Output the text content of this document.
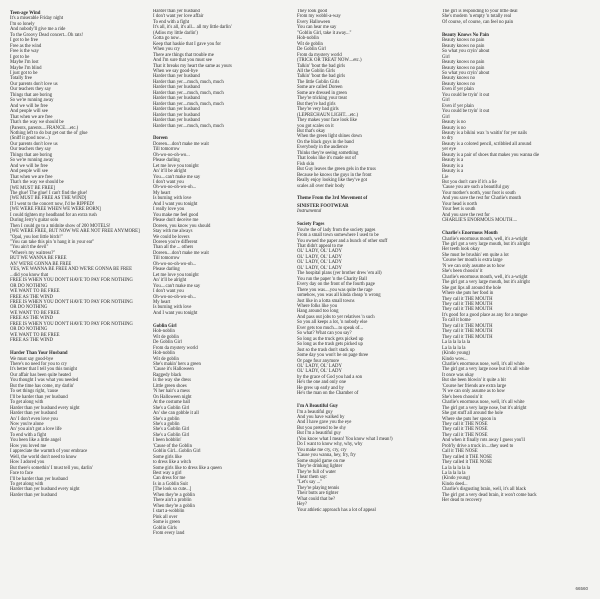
Teen-age Wind

It's a miserable Friday night

I'm so lonely

And nobody'll give me a ride

To the Groovy Dead concert...Oh rats!

I got to be free

Free as the wind

Free is the way

I got to be

Maybe I'm lost

Maybe I'm blind

I just got to be

Totally free

Our parents don't love us

Our teachers they say

Things that are boring

So we're running away

And we will be free

And people will see

That when we are free

That's the way we should be

(Parents, parents....FRANCE....etc.)

Nothing left to do but get out the ol' glue

(Sniff it good now...)

Our parents don't love us

Our teachers they say

Things that are boring

So we're running away

And we will be free

And people will see

That when we are free

That's the way we should be

[WE MUST BE FREE]

The glue! The glue! I can't find the glue!

[WE MUST BE FREE AS THE WIND]

If I went to the concert now, I'd be RIPPED!

[WE WERE FREE WHEN WE WERE BORN]

I could tighten my headband for an extra rush

During Jerry's guitar solo

Then I could go to a midnite show of 200 MOTELS!

[WE WERE FREE, BUT NOW WE ARE NOT FREE ANYMORE]

"Opal, you lost little bitch!"

"You can take this pin 'n hang it in your ear"

"You ain't the devil"

"Where's my waitress?"

BUT WE WANNA BE FREE

AN' WE'RE GONNA BE FREE

YES, WE WANNA BE FREE AND WE'RE GONNA BE FREE

...did you know that

FREE IS WHEN YOU DON'T HAVE TO PAY FOR NOTHING

OR DO NOTHING

WE WANT TO BE FREE

FREE AS THE WIND

FREE IS WHEN YOU DON'T HAVE TO PAY FOR NOTHING

OR DO NOTHING

WE WANT TO BE FREE

FREE AS THE WIND

FREE IS WHEN YOU DON'T HAVE TO PAY FOR NOTHING

OR DO NOTHING

WE WANT TO BE FREE

FREE AS THE WIND

Harder Than Your Husband

We must say good-bye

There's no need for you to cry

It's better that I tell you this tonight

Our affair has been quite heated

You thought I was what you needed

But the time has come, my darlin'

To set things right, 'cause

I'll be harder than yer husband

To get along with

Harder than yer husband every night

Harder than yer husband

An' I don't even love you

Now you're alone

An' you ain't got a love life

To end with a fight

You been like a little angel

How you loved me

I appreciate the warmth of your embrace

Well, the world don't need to know

How I adored you

But there's somethin' I must tell you, darlin'

Face to face

I'll be harder than yer husband

To get along with

Harder than yer husband every night

Harder than yer husband

Harder than yer husband

I don't want yer love affair

To end with a fight

It's all, it's all, it's all... all my little darlin'

(Adios my little darlin')

Gotta go now...

Keep that haskie that I gave you for

When you cry

There are things that trouble me

And I'm sure that you must see

That it breaks my heart the same as yours

When we say good-bye

Harder than yer husband

Harder than yer....much, much, much

Harder than yer husband

Harder than yer....much, much, much

Harder than yer husband

Harder than yer....much, much, much

Harder than yer husband

Harder than yer husband

Harder than yer husband

Harder than yer....much, much, much

Doreen

Doreen....don't make me wait

Till tomorrow

Oh-wo-oo-oh-wo...

Please darling

Let me love you tonight

An' it'll be alright

You....can't make me say

I don't want you

Oh-wo-oo-oh-wo-oh...

My heart

Is burning with love

And I want you tonight

I really love you

You make me feel good

Please don't deceive me

Doreen, you know you should

Stay with me always

We could be lovers

Doreen you're different

Than all the ... others

Doreen....don't make me wait

Till tomorrow

Oh-wo-oo-oh-wo-oh...

Please darling

Let me love you tonight

An' it'll be alright

You....can't make me say

I don't want you

Oh-wo-oo-oh-wo-oh...

My heart

Is burning with love

And I want you tonight

Goblin Girl

Hob-noblin

Wit de goblin

De Goblin Girl

From da mystery world

Hob-noblin

Wit de goblin

She's makin' hers a green

'Cause it's Halloween

Raggedy black

Is the way she dress

Little green shoes

'N her hair's a mess

On Halloween night

At the costume ball

She's a Goblin Girl

An' she can gobble it all

She's a goblin

She's a goblin

She's a Goblin Girl

She's a Goblin Girl

I been hobblin'

'Cause of the Goblin

Goblin Girl...Goblin Girl

Some girls like

to dress like a witch

Some girls like to dress like a queen

Best way a girl

Can dress for me

Is in a Goblin Suit

[The look so cute...]

When they're a goblin

There ain't a problin

When they're a goblin

I start a-wobblin

Pink all over

Some is green

Goblin Girls

From every land

They look good

From my wobbl-a-way

Every Halloween

You can hear me say

"Goblin Girl, take it away..."

Hob-noblin

Wit de goblin

De Goblin Girl

From da mystery world

(TRICK OR TREAT NOW....etc.)

Talkin' 'bout the bad girls

All the Goblin Girls

Talkin' 'bout the bad girls

The little Goblin Girls

Some are called Doreen

Some are dressed in green

They're tricking your treat

But they're bad girls

They're very bad girls

(LEPRECHAUN LIGHT....etc.)

They makes your face look like

you got scales on it

But that's okay

When the green light shines down

On the black guys in the band

Everybody in the audience

Thinks they're seeing something

That looks like it's made out of

Fish skin

But Guy leaves the green gels in the truss

Because he knows the guys in the front

Really enjoy looking like they've got

scales all over their body

Theme From the 3rd Movement of

SINISTER FOOTWEAR

Instrumental

Society Pages

You're the ol' lady from the society pages

From a small town somewhere I used to be

You owned the paper and a bunch of other stuff

That didn't appeal to me

OL' LADY, OL' LADY

OL' LADY, OL' LADY

OL' LADY, OL' LADY

OL' LADY, OL' LADY

The hospital plans (yer brother drew 'em all)

You run the paper 'n the Charity Ball

Every day on the front of the fourth page

There you was....you was quite the rage

somehow, you was all kinda cheap 'n wrong

Just like in a lotta small towns

Where folks like you

Hang around too long

And pass out jobs to yer relatives 'n such

So you all keeps a lot, 'n nobody else

Ever gets too much....to speak of...

So what? What can you say?

So long as the truck gets picked up

So long as the trash gets picked up

Just so the trash don't stack up

Some day you won't be on page three

Or page four anymore

OL' LADY, OL' LADY

OL' LADY, OL' LADY

by the grace of God you had a son

He's the one and only one

He grew up early and by

He's the man on the Chamber of

I'm A Beautiful Guy

I'm a beautiful guy

And you have walked by

And I have gave you the eye

But you pretend to be shy

But I'm a beautiful guy

(You know what I mean! You know what I mean!)

Do I want to know why, why, why

You make me cry, cry, cry

'Cause you wanna, hey, fry, fry

Some stupid game on me

They're drinking lighter

They're full of water

I hear them say:

"Let's say ..."

They're playing tennis

Their butts are tighter

What could that be?

Hey?

Your athletic approach has a lot of appeal

The girl is responding to your little deal

She's modern 'n empty 'n totally real

Of course, of course, can feel no pain

Beauty Knows No Pain

Beauty knows no pain

Beauty knows no pain

So what you cryin' about

Girl

Beauty knows no pain

Beauty knows no pain

So what you cryin' about

Beauty knows no

Beauty knows no

Even if yer plain

You could be tryin' it out

Girl

Even if yer plain

You could be tryin' it out

Girl

Beauty is no

Beauty is no

Beauty is a bikini wax 'n waitin' for yer nails

to dry

Beauty is a colored pencil, scribbled all around

yer eye

Beauty is a pair of shoes that makes you wanna die

Beauty is a

Beauty is a

Beauty is a

Lie

But you don't care if it's a lie

'Cause you are such a beautiful guy

Your mother's north, your foot is south

And you save the rest for Charlie's mouth

Your head is north

Your feet is south

And you save the rest for

CHARLIE'S ENORMOUS MOUTH....

Charlie's Enormous Mouth

Charlie's enormous mouth, well, it's a-wright

The girl got a very large mouth, but it's alright

Her teeth look okay

She must be brushin' em quite a lot

'Course her mouth is extra large

'N we can only assume as to how

She's been choosin' it

Charlie's enormous mouth, well, it's a-wright

The girl got a very large mouth, but it's alright

She got lips all around the hole

Where she puts her food in

They call it THE MOUTH

They call it THE MOUTH

They call it THE MOUTH

It's good for a good place as any for a tongue

To call it home

They call it THE MOUTH

They call it THE MOUTH

They call it THE MOUTH

La la la la la la

La la la la la

(Kindo young)

Kindo wow...

Charlie's enormous nose, well, it's all white

The girl got a very large nose but it's all white

It once was okay

But she been blowin' it quite a bit

'Course her friends are extra large

'N we can only assume as to how

She's been choosin' it

Charlie's enormous nose, well, it's all white

The girl got a very large nose, but it's alright

She got stuff all around the hole

Where she puts her spoon in

They call it THE NOSE

They call it THE NOSE

They call it THE NOSE

And when it finally rots away I guess you'll

Prob'ly drive a truck in....they used to

Call it THE NOSE

They called it THE NOSE

They called it THE NOSE

La la la la la la

La la la la la

(Kindo young)

Kindo deed...

Charlie's disgusting brain, well, it's all black

The girl got a very dead brain, it won't come back

Her dead to recovery

66560
